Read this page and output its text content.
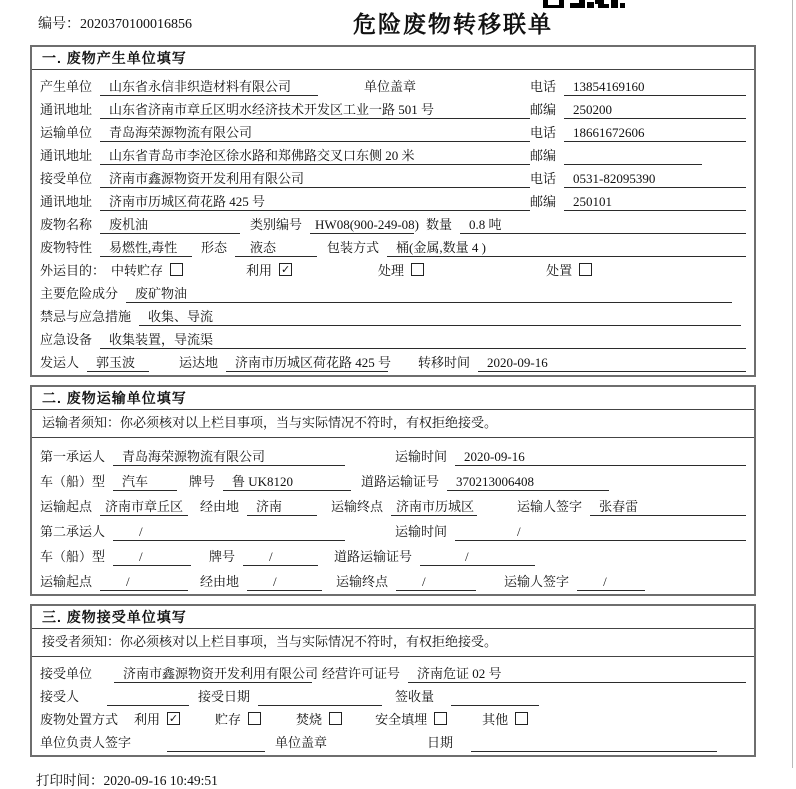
编号：2020370100016856	危险废物转移联单
一. 废物产生单位填写
产生单位	山东省永信非织造材料有限公司	单位盖章	电话	13854169160
通讯地址	山东省济南市章丘区明水经济技术开发区工业一路 501 号	邮编	250200
运输单位	青岛海荣源物流有限公司	电话	18661672606
通讯地址	山东省青岛市李沧区徐水路和郑佛路交叉口东侧 20 米	邮编
接受单位	济南市鑫源物资开发利用有限公司	电话	0531-82095390
通讯地址	济南市历城区荷花路 425 号	邮编	250101
废物名称	废机油	类别编号	HW08(900-249-08) 数量	0.8 吨
废物特性	易燃性,毒性	形态	液态	包装方式	桶(金属,数量 4 )
外运目的： 中转贮存	利用 ✓	处理	处置
主要危险成分	废矿物油
禁忌与应急措施	收集、导流
应急设备	收集装置，导流渠
发运人	郭玉波	运达地	济南市历城区荷花路 425 号 转移时间	2020-09-16
二. 废物运输单位填写
运输者须知：你必须核对以上栏目事项，当与实际情况不符时，有权拒绝接受。
第一承运人	青岛海荣源物流有限公司	运输时间	2020-09-16
车（船）型	汽车	牌号	鲁 UK8120	道路运输证号	370213006408
运输起点	济南市章丘区	经由地	济南	运输终点	济南市历城区	运输人签字	张春雷
第二承运人	/	运输时间	/
车（船）型	/	牌号	/	道路运输证号	/
运输起点	/	经由地	/	运输终点	/	运输人签字	/
三. 废物接受单位填写
接受者须知：你必须核对以上栏目事项，当与实际情况不符时，有权拒绝接受。
接受单位	济南市鑫源物资开发利用有限公司 经营许可证号	济南危证 02 号
接受人	接受日期	签收量
废物处置方式 利用 ✓	贮存	焚烧	安全填埋	其他
单位负责人签字	单位盖章	日期
打印时间：2020-09-16 10:49:51
